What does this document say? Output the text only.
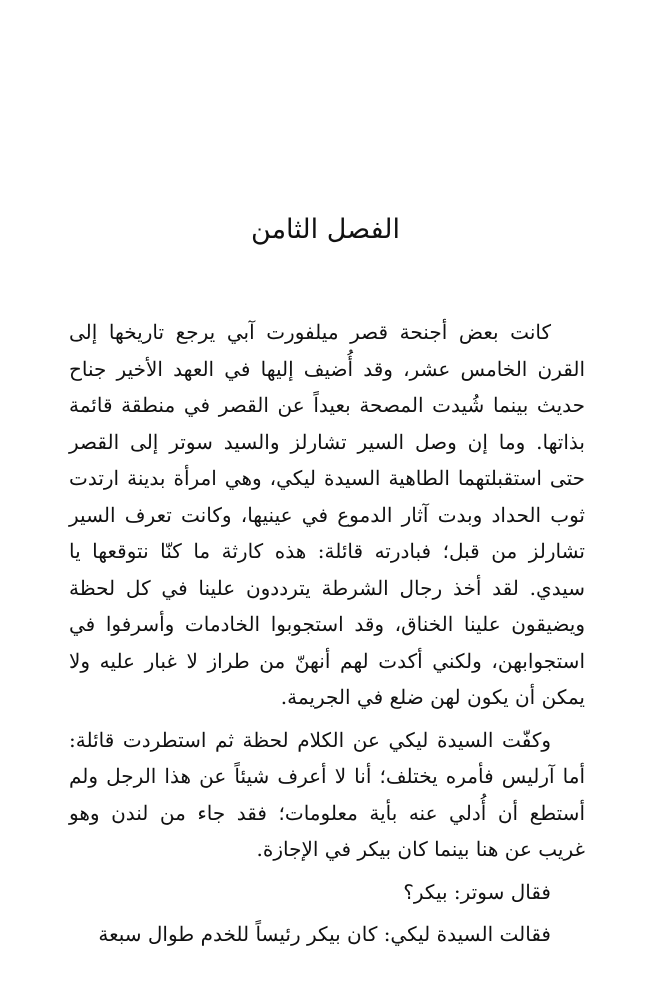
الفصل الثامن

كانت بعض أجنحة قصر ميلفورت آبي يرجع تاريخها إلى القرن الخامس عشر، وقد أُضيف إليها في العهد الأخير جناح حديث بينما شُيدت المصحة بعيداً عن القصر في منطقة قائمة بذاتها. وما إن وصل السير تشارلز والسيد سوتر إلى القصر حتى استقبلتهما الطاهية السيدة ليكي، وهي امرأة بدينة ارتدت ثوب الحداد وبدت آثار الدموع في عينيها، وكانت تعرف السير تشارلز من قبل؛ فبادرته قائلة: هذه كارثة ما كنّا نتوقعها يا سيدي. لقد أخذ رجال الشرطة يترددون علينا في كل لحظة ويضيقون علينا الخناق، وقد استجوبوا الخادمات وأسرفوا في استجوابهن، ولكني أكدت لهم أنهنّ من طراز لا غبار عليه ولا يمكن أن يكون لهن ضلع في الجريمة.

وكفّت السيدة ليكي عن الكلام لحظة ثم استطردت قائلة: أما آرليس فأمره يختلف؛ أنا لا أعرف شيئاً عن هذا الرجل ولم أستطع أن أُدلي عنه بأية معلومات؛ فقد جاء من لندن وهو غريب عن هنا بينما كان بيكر في الإجازة.

فقال سوتر: بيكر؟

فقالت السيدة ليكي: كان بيكر رئيساً للخدم طوال سبعة
